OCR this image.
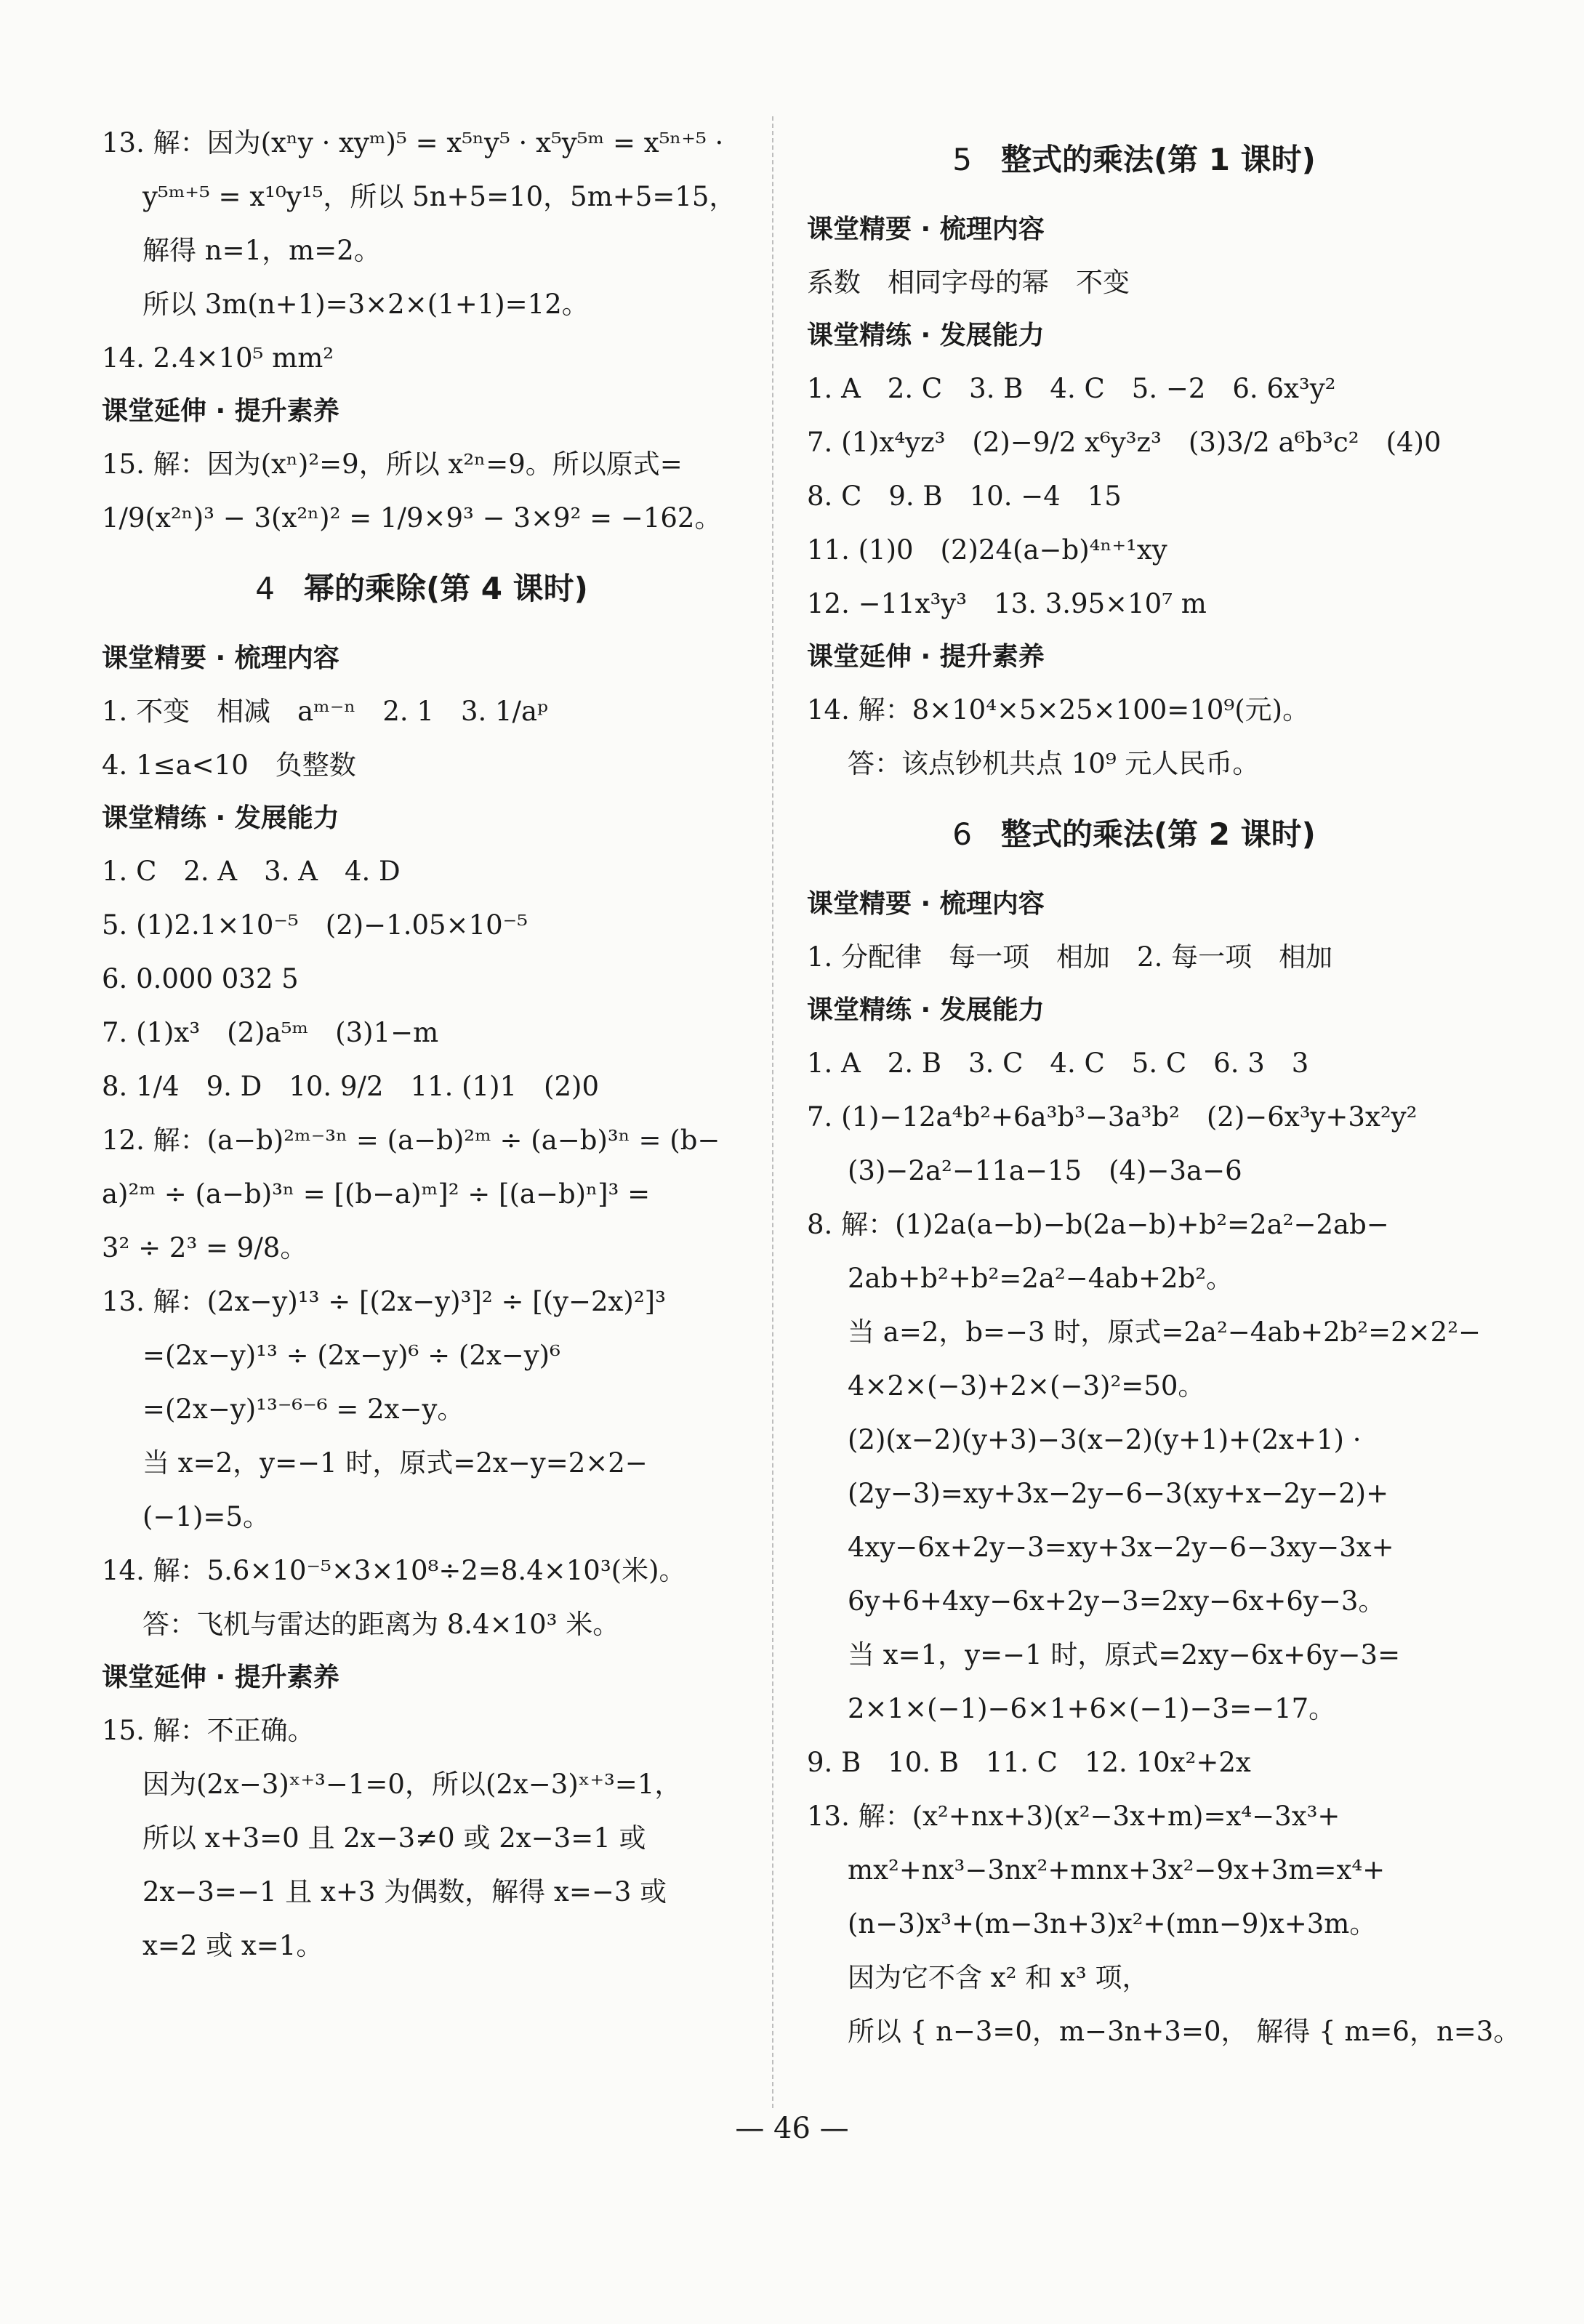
13. 解：因为(xⁿy · xyᵐ)⁵ = x⁵ⁿy⁵ · x⁵y⁵ᵐ = x⁵ⁿ⁺⁵ ·
y⁵ᵐ⁺⁵ = x¹⁰y¹⁵，所以 5n+5=10，5m+5=15，
解得 n=1，m=2。
所以 3m(n+1)=3×2×(1+1)=12。
14. 2.4×10⁵ mm²
课堂延伸 · 提升素养
15. 解：因为(xⁿ)²=9，所以 x²ⁿ=9。所以原式=
1/9(x²ⁿ)³ − 3(x²ⁿ)² = 1/9×9³ − 3×9² = −162。
4 幂的乘除(第 4 课时)
课堂精要 · 梳理内容
1. 不变　相减　aᵐ⁻ⁿ　2. 1　3. 1/aᵖ
4. 1≤a<10　负整数
课堂精练 · 发展能力
1. C　2. A　3. A　4. D
5. (1)2.1×10⁻⁵　(2)−1.05×10⁻⁵
6. 0.000 032 5
7. (1)x³　(2)a⁵ᵐ　(3)1−m
8. 1/4　9. D　10. 9/2　11. (1)1　(2)0
12. 解：(a−b)²ᵐ⁻³ⁿ = (a−b)²ᵐ ÷ (a−b)³ⁿ = (b−
a)²ᵐ ÷ (a−b)³ⁿ = [(b−a)ᵐ]² ÷ [(a−b)ⁿ]³ =
3² ÷ 2³ = 9/8。
13. 解：(2x−y)¹³ ÷ [(2x−y)³]² ÷ [(y−2x)²]³
=(2x−y)¹³ ÷ (2x−y)⁶ ÷ (2x−y)⁶
=(2x−y)¹³⁻⁶⁻⁶ = 2x−y。
当 x=2，y=−1 时，原式=2x−y=2×2−
(−1)=5。
14. 解：5.6×10⁻⁵×3×10⁸÷2=8.4×10³(米)。
答：飞机与雷达的距离为 8.4×10³ 米。
课堂延伸 · 提升素养
15. 解：不正确。
因为(2x−3)ˣ⁺³−1=0，所以(2x−3)ˣ⁺³=1，
所以 x+3=0 且 2x−3≠0 或 2x−3=1 或
2x−3=−1 且 x+3 为偶数，解得 x=−3 或
x=2 或 x=1。
5 整式的乘法(第 1 课时)
课堂精要 · 梳理内容
系数　相同字母的幂　不变
课堂精练 · 发展能力
1. A　2. C　3. B　4. C　5. −2　6. 6x³y²
7. (1)x⁴yz³　(2)−9/2 x⁶y³z³　(3)3/2 a⁶b³c²　(4)0
8. C　9. B　10. −4　15
11. (1)0　(2)24(a−b)⁴ⁿ⁺¹xy
12. −11x³y³　13. 3.95×10⁷ m
课堂延伸 · 提升素养
14. 解：8×10⁴×5×25×100=10⁹(元)。
答：该点钞机共点 10⁹ 元人民币。
6 整式的乘法(第 2 课时)
课堂精要 · 梳理内容
1. 分配律　每一项　相加　2. 每一项　相加
课堂精练 · 发展能力
1. A　2. B　3. C　4. C　5. C　6. 3　3
7. (1)−12a⁴b²+6a³b³−3a³b²　(2)−6x³y+3x²y²
(3)−2a²−11a−15　(4)−3a−6
8. 解：(1)2a(a−b)−b(2a−b)+b²=2a²−2ab−
2ab+b²+b²=2a²−4ab+2b²。
当 a=2，b=−3 时，原式=2a²−4ab+2b²=2×2²−
4×2×(−3)+2×(−3)²=50。
(2)(x−2)(y+3)−3(x−2)(y+1)+(2x+1) ·
(2y−3)=xy+3x−2y−6−3(xy+x−2y−2)+
4xy−6x+2y−3=xy+3x−2y−6−3xy−3x+
6y+6+4xy−6x+2y−3=2xy−6x+6y−3。
当 x=1，y=−1 时，原式=2xy−6x+6y−3=
2×1×(−1)−6×1+6×(−1)−3=−17。
9. B　10. B　11. C　12. 10x²+2x
13. 解：(x²+nx+3)(x²−3x+m)=x⁴−3x³+
mx²+nx³−3nx²+mnx+3x²−9x+3m=x⁴+
(n−3)x³+(m−3n+3)x²+(mn−9)x+3m。
因为它不含 x² 和 x³ 项，
所以 { n−3=0，m−3n+3=0， 解得 { m=6，n=3。
— 46 —
